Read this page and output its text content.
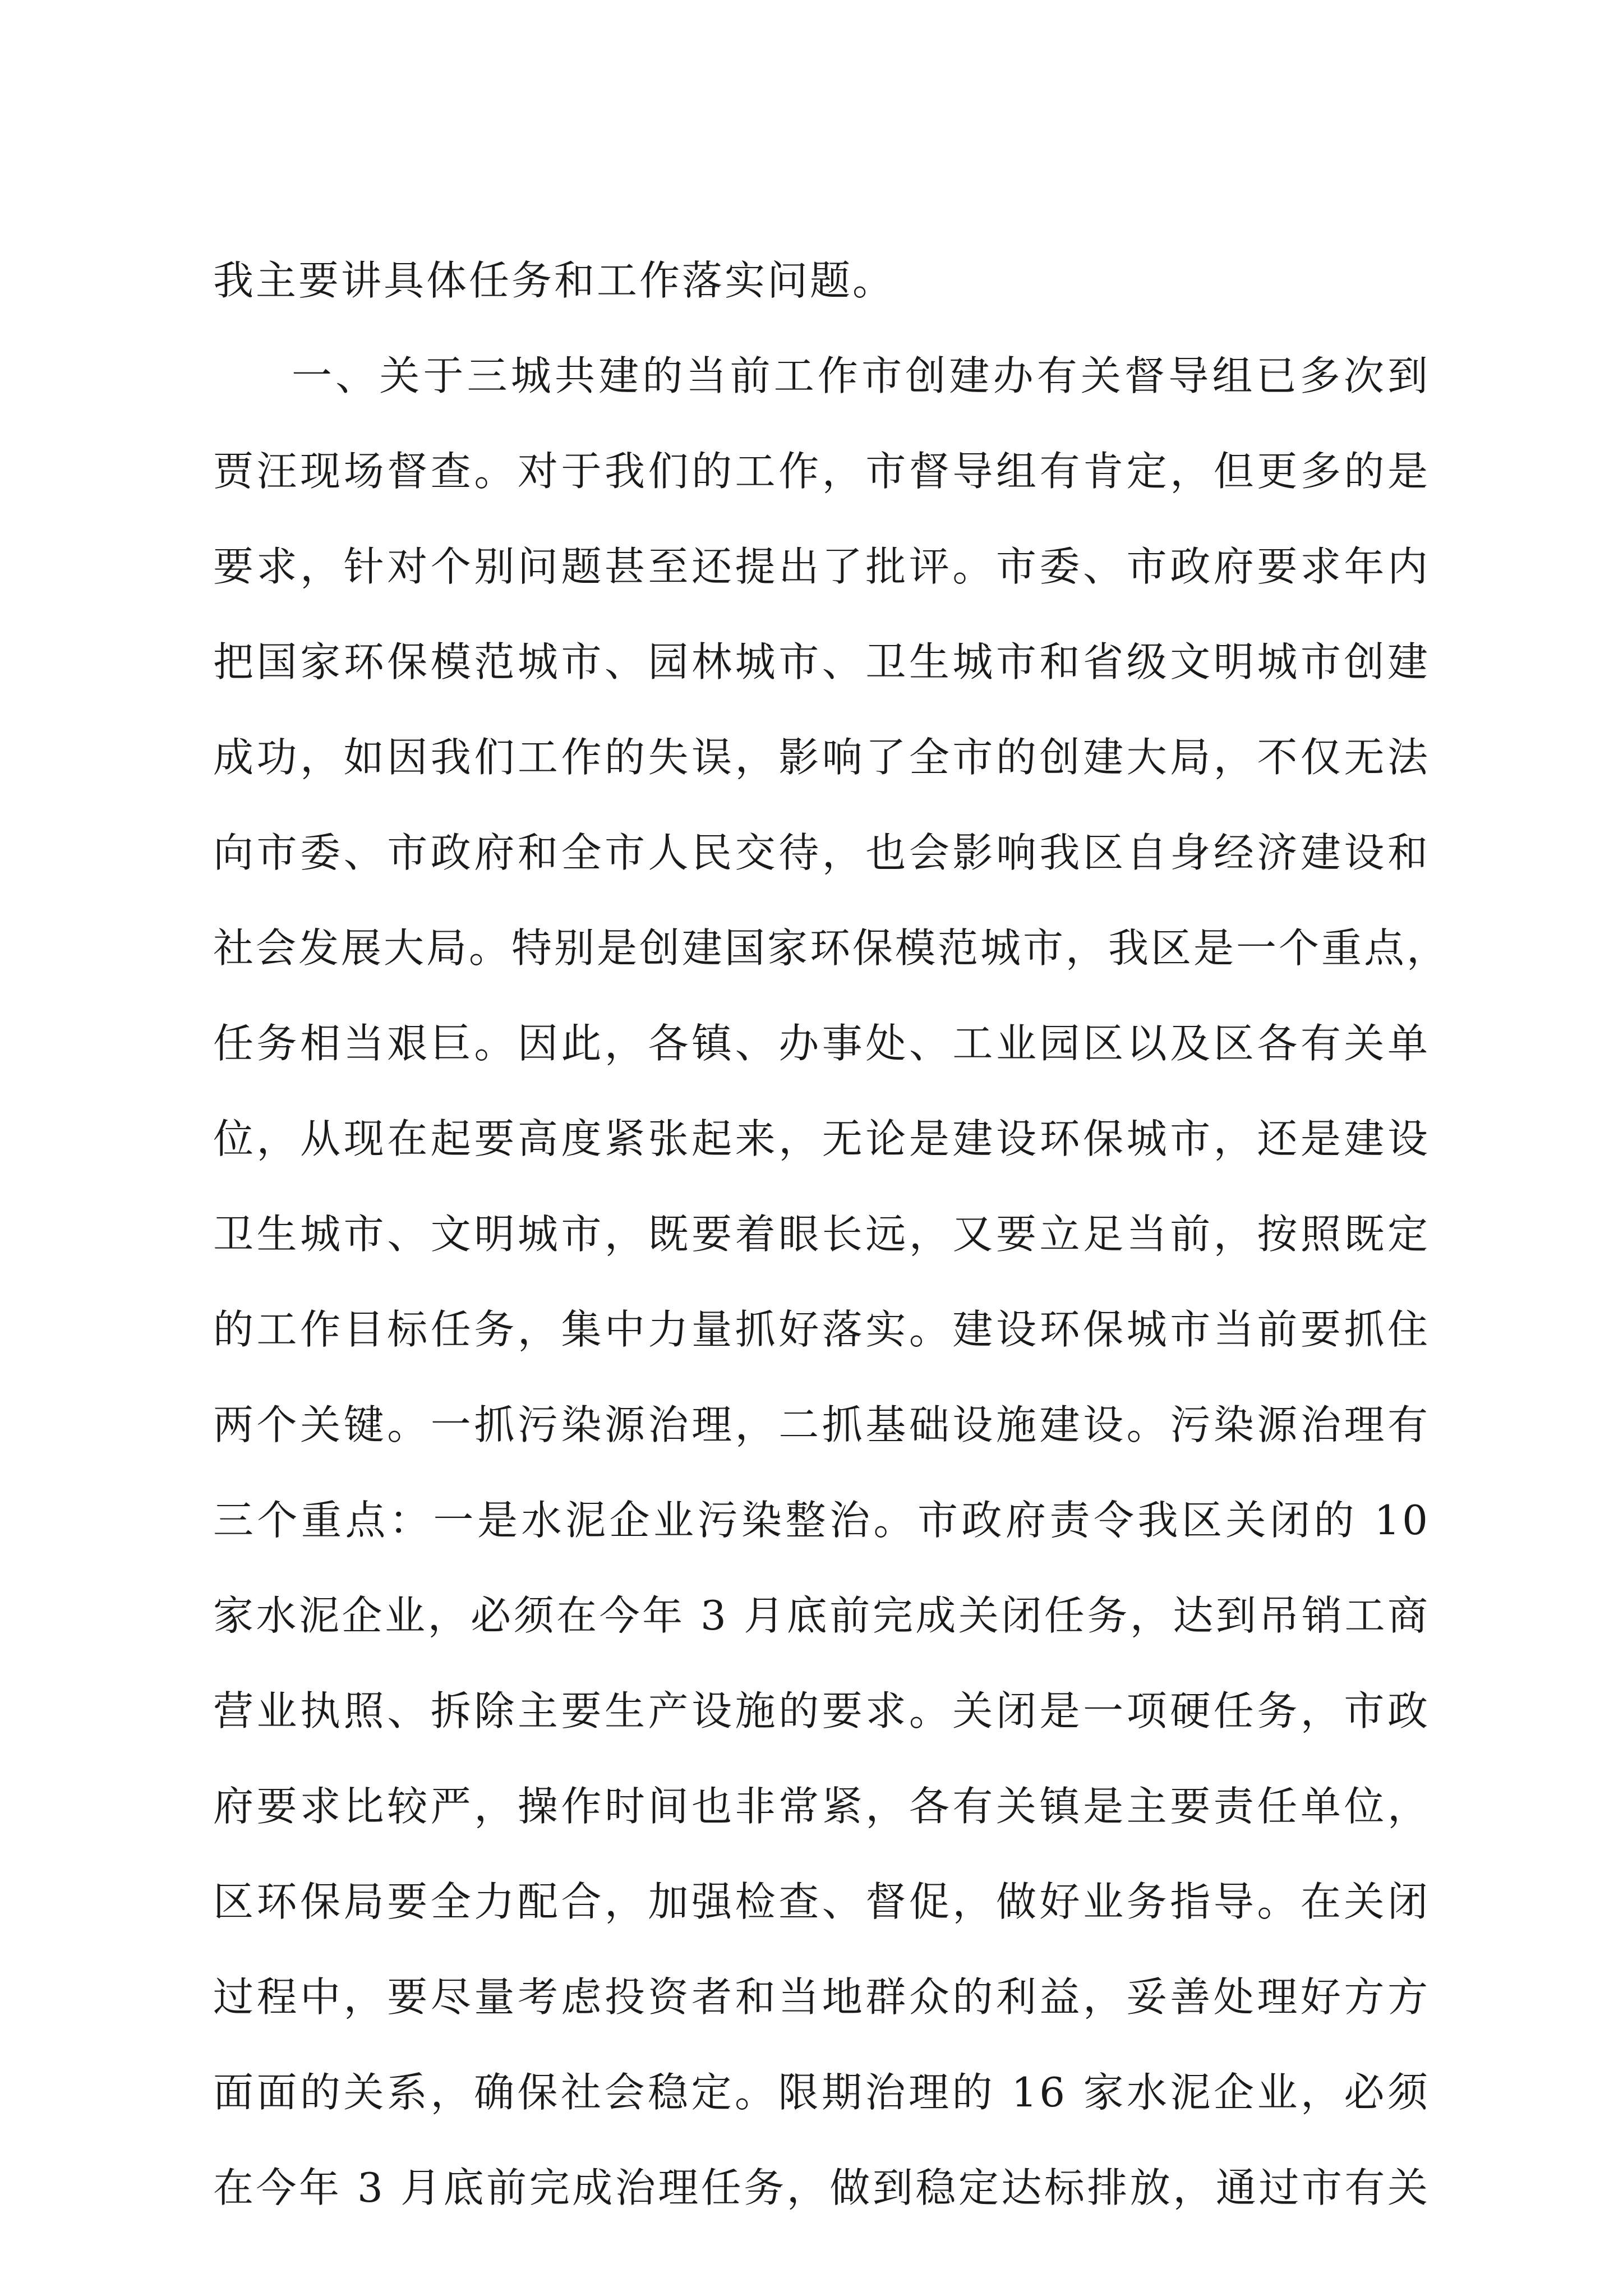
我主要讲具体任务和工作落实问题。
一、关于三城共建的当前工作市创建办有关督导组已多次到
贾汪现场督查。对于我们的工作，市督导组有肯定，但更多的是
要求，针对个别问题甚至还提出了批评。市委、市政府要求年内
把国家环保模范城市、园林城市、卫生城市和省级文明城市创建
成功，如因我们工作的失误，影响了全市的创建大局，不仅无法
向市委、市政府和全市人民交待，也会影响我区自身经济建设和
社会发展大局。特别是创建国家环保模范城市，我区是一个重点，
任务相当艰巨。因此，各镇、办事处、工业园区以及区各有关单
位，从现在起要高度紧张起来，无论是建设环保城市，还是建设
卫生城市、文明城市，既要着眼长远，又要立足当前，按照既定
的工作目标任务，集中力量抓好落实。建设环保城市当前要抓住
两个关键。一抓污染源治理，二抓基础设施建设。污染源治理有
三个重点：一是水泥企业污染整治。市政府责令我区关闭的 10
家水泥企业，必须在今年 3 月底前完成关闭任务，达到吊销工商
营业执照、拆除主要生产设施的要求。关闭是一项硬任务，市政
府要求比较严，操作时间也非常紧，各有关镇是主要责任单位，
区环保局要全力配合，加强检查、督促，做好业务指导。在关闭
过程中，要尽量考虑投资者和当地群众的利益，妥善处理好方方
面面的关系，确保社会稳定。限期治理的 16 家水泥企业，必须
在今年 3 月底前完成治理任务，做到稳定达标排放，通过市有关
